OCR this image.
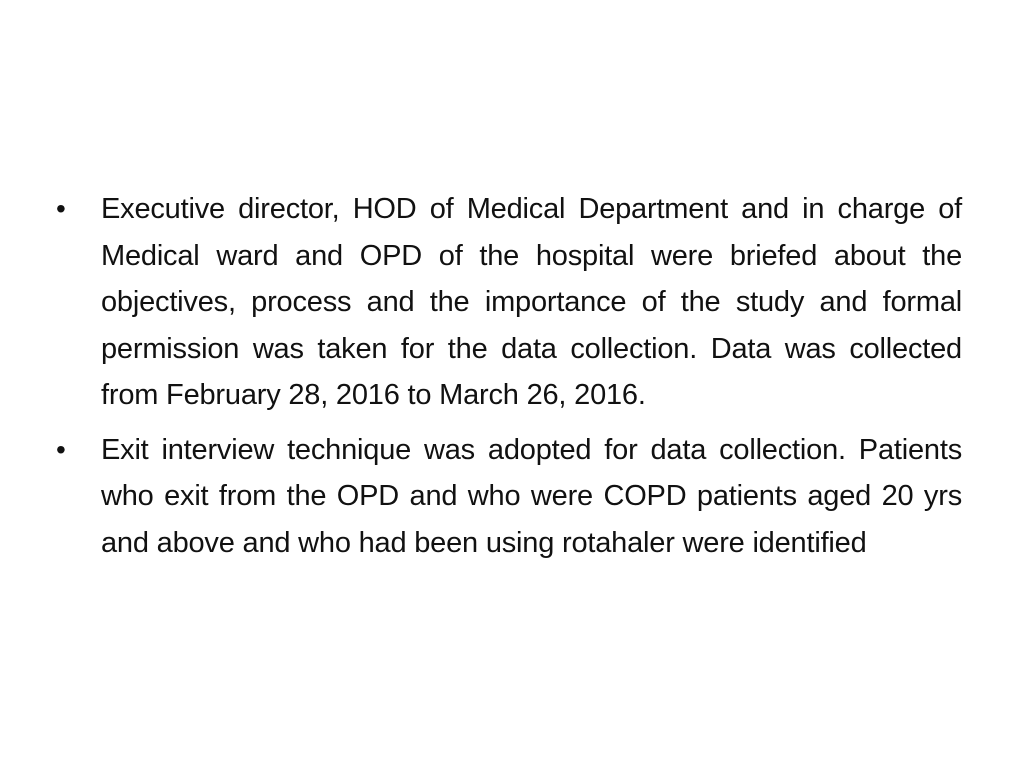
•	Executive director, HOD of Medical Department and in charge of Medical ward and OPD of the hospital were briefed about the objectives, process and the importance of the study and formal permission was taken for the data collection. Data was collected from February 28, 2016 to March 26, 2016.
•	Exit interview technique was adopted for data collection. Patients who exit from the OPD and who were COPD patients aged 20 yrs and above and who had been using rotahaler were identified
